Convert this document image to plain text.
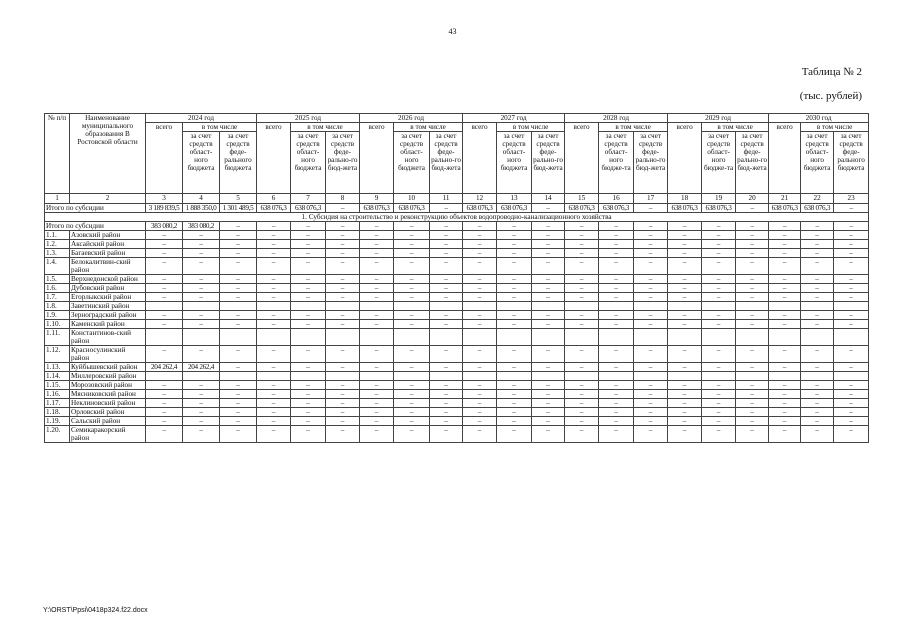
43
Таблица № 2
(тыс. рублей)
№ п/п	Наименование муниципального образования В Ростовской области	2024 год			2025 год			2026 год			2027 год			2028 год			2029 год			2030 год		
		всего	в том числе		всего	в том числе		всего	в том числе		всего	в том числе		всего	в том числе		всего	в том числе		всего	в том числе	
			за счет средств област-ного бюджета	за счет средств феде-рального бюджета		за счет средств област-ного бюджета	за счет средств феде-рально-го бюд-жета		за счет средств област-ного бюджета	за счет средств феде-рально-го бюд-жета		за счет средств област-ного бюджета	за счет средств феде-рально-го бюд-жета		за счет средств област-ного бюдже-та	за счет средств феде-рально-го бюд-жета		за счет средств област-ного бюдже-та	за счет средств феде-рально-го бюд-жета		за счет средств област-ного бюджета	за счет средств феде-рального бюджета
1	2	3	4	5	6	7	8	9	10	11	12	13	14	15	16	17	18	19	20	21	22	23
Итого по субсидии		3 189 839,5	1 888 350,0	1 301 489,5	638 076,3	638 076,3	–	638 076,3	638 076,3	–	638 076,3	638 076,3	–	638 076,3	638 076,3	–	638 076,3	638 076,3	–	638 076,3	638 076,3	–
1. Субсидия на строительство и реконструкцию объектов водопроводно-канализационного хозяйства																						
Итого по субсидии		383 080,2	383 080,2	–	–	–	–	–	–	–	–	–	–	–	–	–	–	–	–	–	–	–
1.1.	Азовский район	–	–	–	–	–	–	–	–	–	–	–	–	–	–	–	–	–	–	–	–	–
1.2.	Аксайский район	–	–	–	–	–	–	–	–	–	–	–	–	–	–	–	–	–	–	–	–	–
1.3.	Багаевский район	–	–	–	–	–	–	–	–	–	–	–	–	–	–	–	–	–	–	–	–	–
1.4.	Белокалитвин-ский район	–	–	–	–	–	–	–	–	–	–	–	–	–	–	–	–	–	–	–	–	–
1.5.	Верхнедонской район	–	–	–	–	–	–	–	–	–	–	–	–	–	–	–	–	–	–	–	–	–
1.6.	Дубовский район	–	–	–	–	–	–	–	–	–	–	–	–	–	–	–	–	–	–	–	–	–
1.7.	Егорлыкский район	–	–	–	–	–	–	–	–	–	–	–	–	–	–	–	–	–	–	–	–	–
1.8.	Заветинский район																					
1.9.	Зерноградский район	–	–	–	–	–	–	–	–	–	–	–	–	–	–	–	–	–	–	–	–	–
1.10.	Каменский район	–	–	–	–	–	–	–	–	–	–	–	–	–	–	–	–	–	–	–	–	–
1.11.	Константинов-ский район																					
1.12.	Красносулинский район	–	–	–	–	–	–	–	–	–	–	–	–	–	–	–	–	–	–	–	–	–
1.13.	Куйбышевский район	204 262,4	204 262,4	–	–	–	–	–	–	–	–	–	–	–	–	–	–	–	–	–	–	–
1.14.	Миллеровский район																					
1.15.	Морозовский район	–	–	–	–	–	–	–	–	–	–	–	–	–	–	–	–	–	–	–	–	–
1.16.	Мясниковский район	–	–	–	–	–	–	–	–	–	–	–	–	–	–	–	–	–	–	–	–	–
1.17.	Неклиновский район	–	–	–	–	–	–	–	–	–	–	–	–	–	–	–	–	–	–	–	–	–
1.18.	Орловский район	–	–	–	–	–	–	–	–	–	–	–	–	–	–	–	–	–	–	–	–	–
1.19.	Сальский район	–	–	–	–	–	–	–	–	–	–	–	–	–	–	–	–	–	–	–	–	–
1.20.	Семикаракорский район	–	–	–	–	–	–	–	–	–	–	–	–	–	–	–	–	–	–	–	–	–
Y:\ORST\Ppsi\0418p324.f22.docx
